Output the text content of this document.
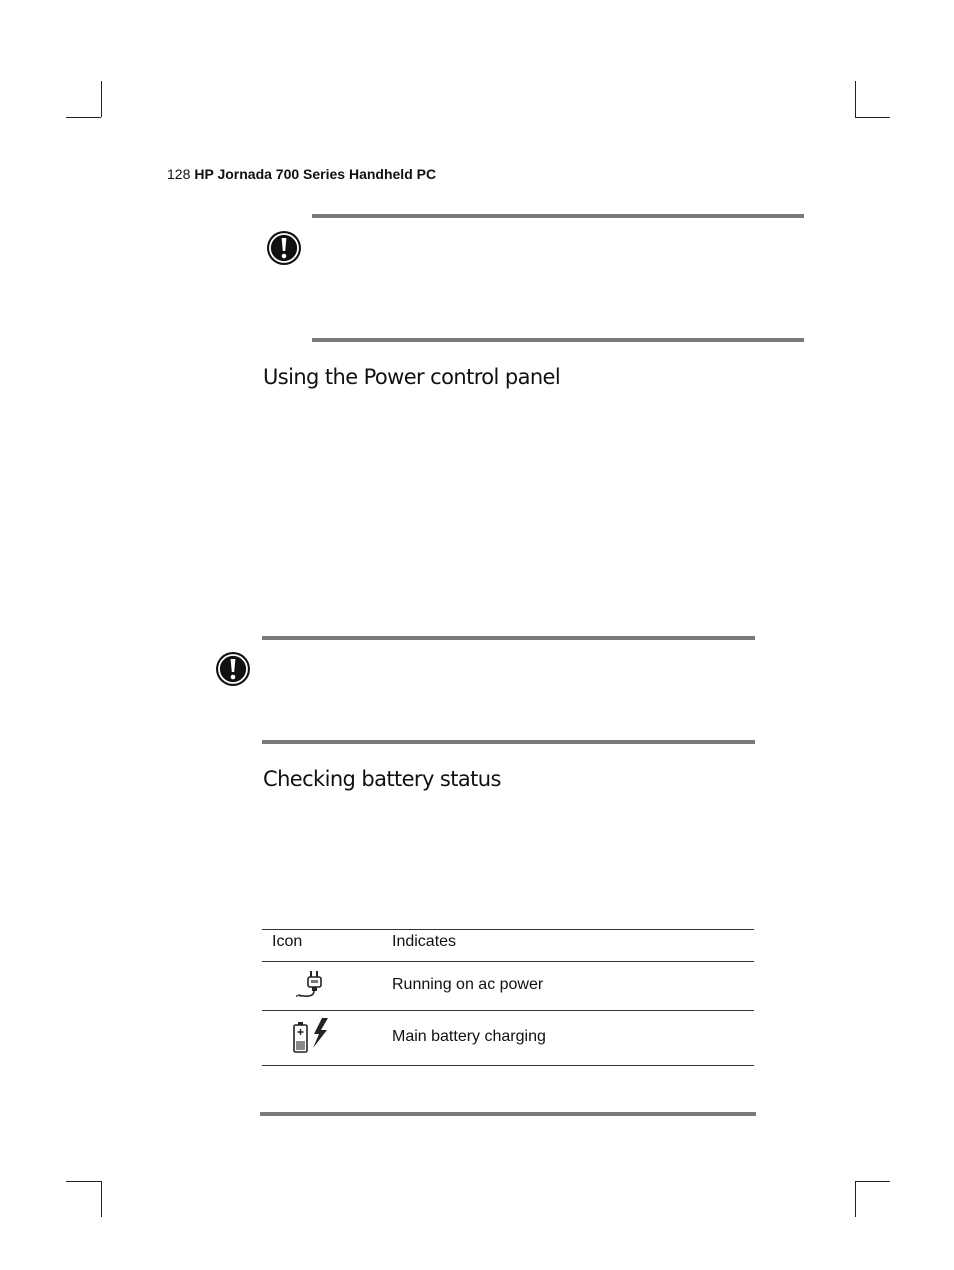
128 HP Jornada 700 Series Handheld PC
Using the Power control panel
Checking battery status
Icon	Indicates
Running on ac power
Main battery charging
